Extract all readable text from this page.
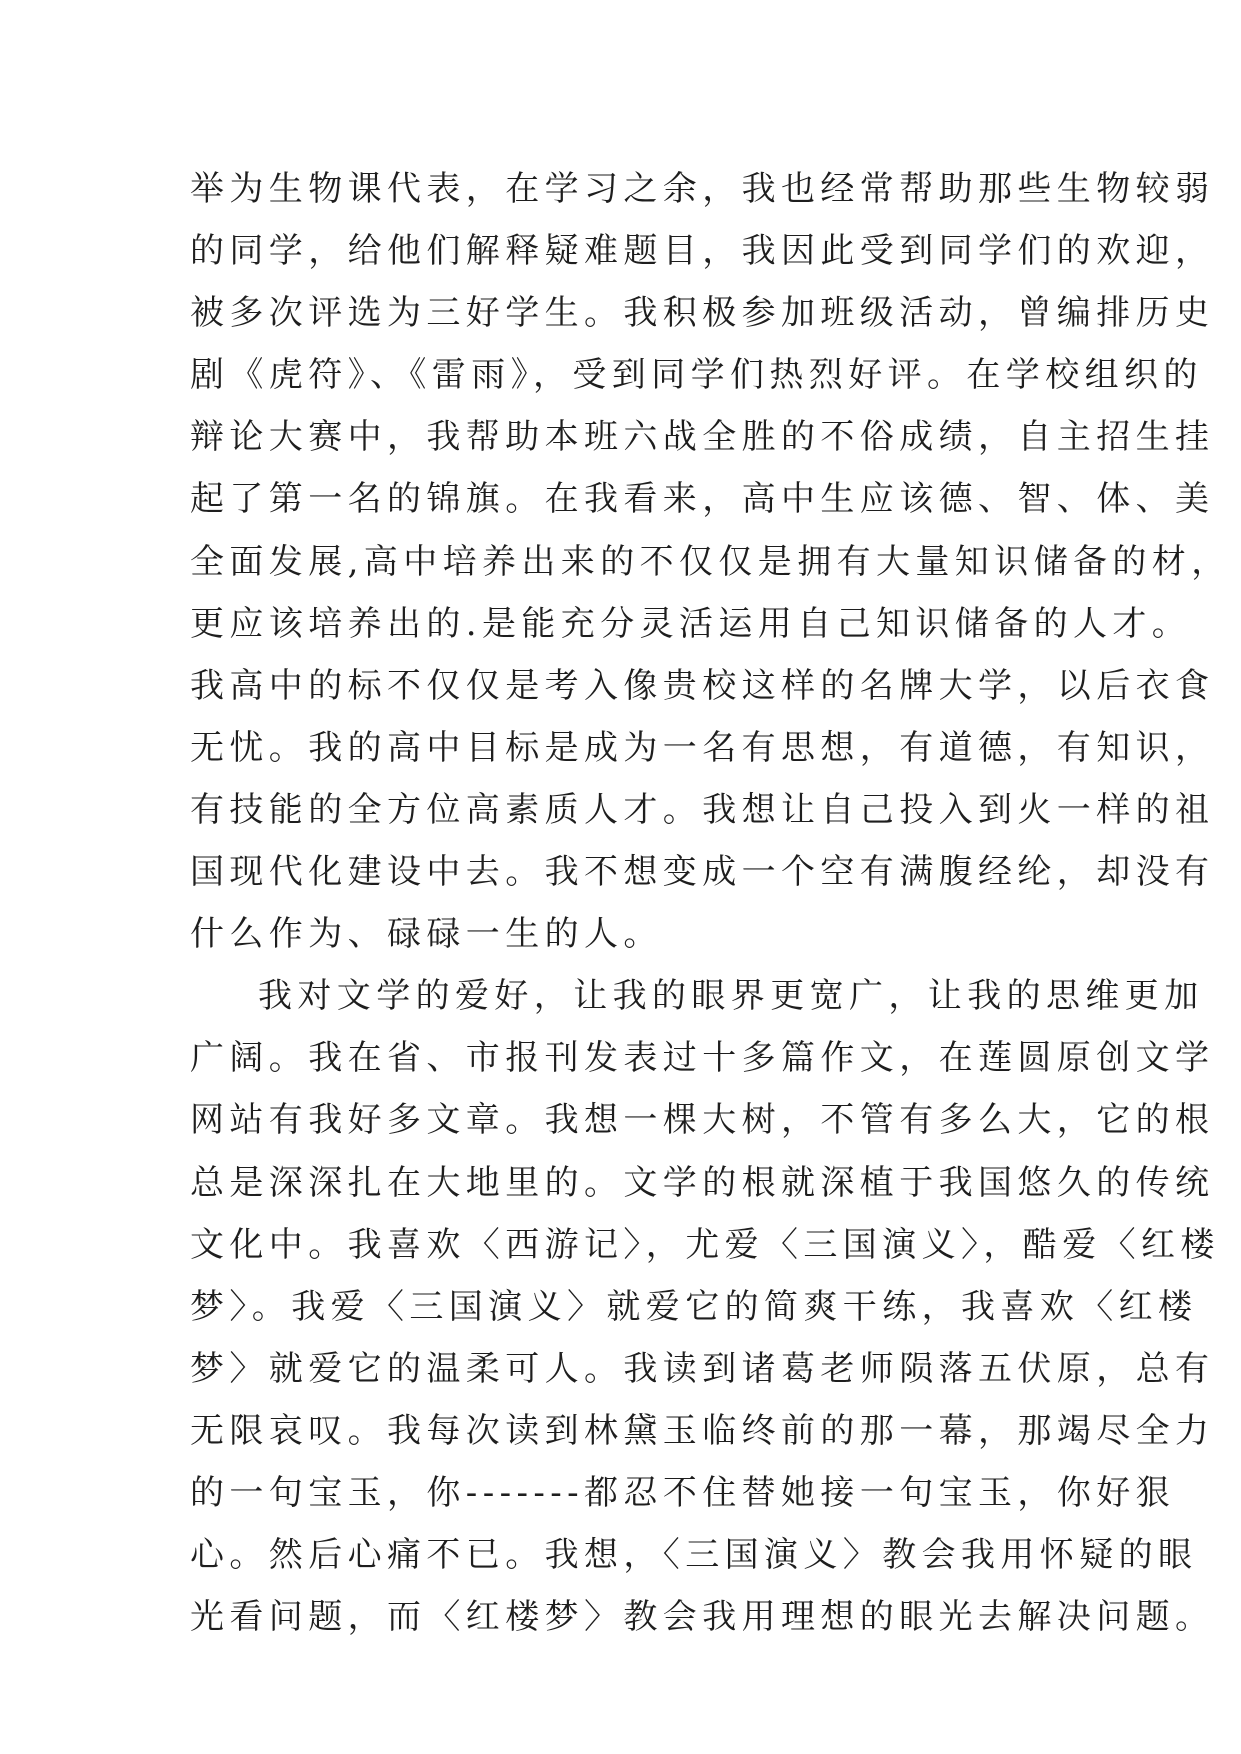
举为生物课代表，在学习之余，我也经常帮助那些生物较弱
的同学，给他们解释疑难题目，我因此受到同学们的欢迎，
被多次评选为三好学生。我积极参加班级活动，曾编排历史
剧《虎符》、《雷雨》，受到同学们热烈好评。在学校组织的
辩论大赛中，我帮助本班六战全胜的不俗成绩，自主招生挂
起了第一名的锦旗。在我看来，高中生应该德、智、体、美
全面发展,高中培养出来的不仅仅是拥有大量知识储备的材，
更应该培养出的.是能充分灵活运用自己知识储备的人才。
我高中的标不仅仅是考入像贵校这样的名牌大学，以后衣食
无忧。我的高中目标是成为一名有思想，有道德，有知识，
有技能的全方位高素质人才。我想让自己投入到火一样的祖
国现代化建设中去。我不想变成一个空有满腹经纶，却没有
什么作为、碌碌一生的人。
我对文学的爱好，让我的眼界更宽广，让我的思维更加
广阔。我在省、市报刊发表过十多篇作文，在莲圆原创文学
网站有我好多文章。我想一棵大树，不管有多么大，它的根
总是深深扎在大地里的。文学的根就深植于我国悠久的传统
文化中。我喜欢〈西游记〉，尤爱〈三国演义〉，酷爱〈红楼
梦〉。我爱〈三国演义〉就爱它的简爽干练，我喜欢〈红楼
梦〉就爱它的温柔可人。我读到诸葛老师陨落五伏原，总有
无限哀叹。我每次读到林黛玉临终前的那一幕，那竭尽全力
的一句宝玉，你-------都忍不住替她接一句宝玉，你好狠
心。然后心痛不已。我想，〈三国演义〉教会我用怀疑的眼
光看问题，而〈红楼梦〉教会我用理想的眼光去解决问题。
